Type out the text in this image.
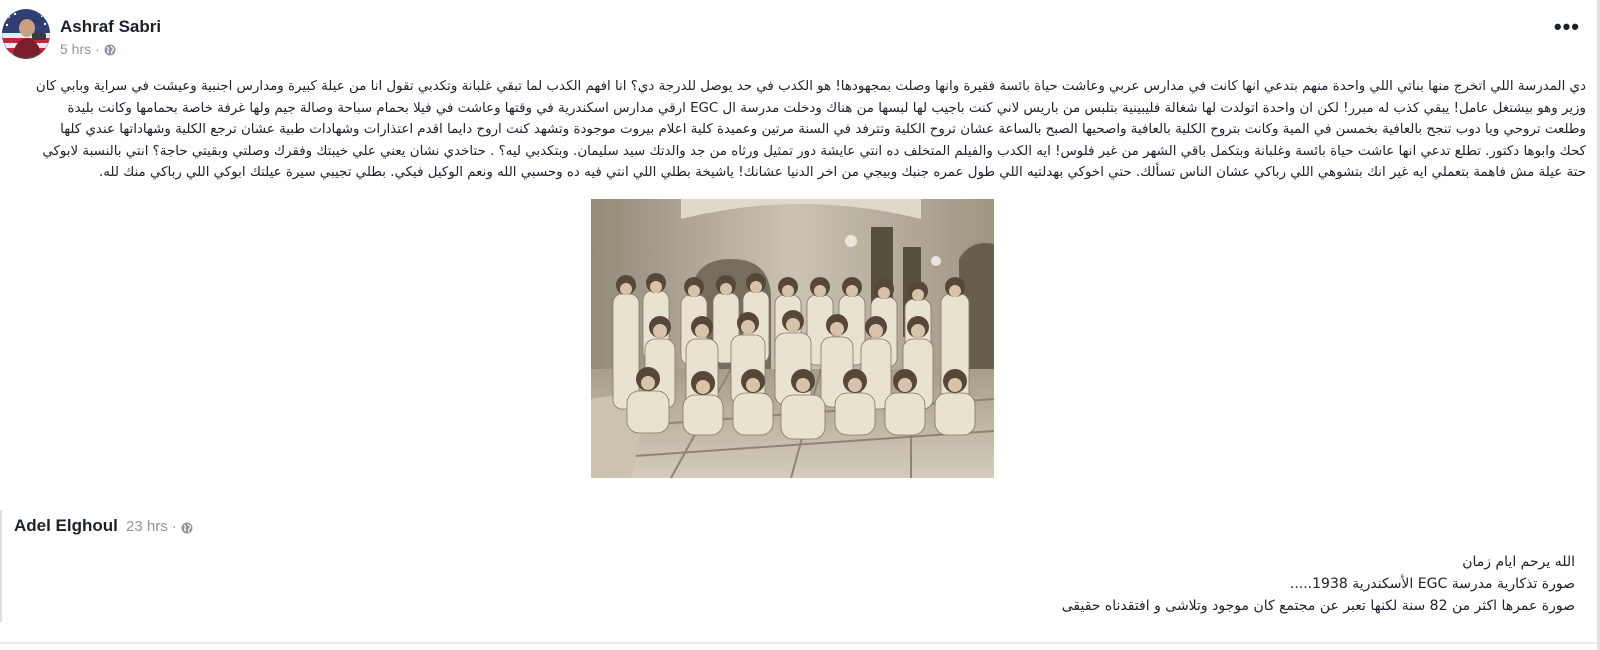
Ashraf Sabri
5 hrs ·
•••

دي المدرسة اللي اتخرج منها بناتي اللي واحدة منهم بتدعي انها كانت في مدارس عربي وعاشت حياة بائسة فقيرة وانها وصلت بمجهودها! هو الكدب في حد يوصل للدرجة دي؟ انا افهم الكدب لما تبقي غلبانة وتكدبي تقول انا من عيلة كبيرة ومدارس اجنبية وعيشت في سراية وبابي كان

وزير وهو بيشتغل عامل! يبقي كذب له مبرر! لكن ان واحدة اتولدت لها شغالة فليبينية بتلبس من باريس لاني كنت باجيب لها لبسها من هناك ودخلت مدرسة ال EGC ارقي مدارس اسكندرية في وقتها وعاشت في فيلا بحمام سباحة وصالة جيم ولها غرفة خاصة بحمامها وكانت بليدة

وطلعت تروحي ويا دوب تنجح بالعافية بخمسن في المية وكانت بتروح الكلية بالعافية واصحيها الصبح بالساعة عشان تروح الكلية وتترفد في السنة مرتين وعميدة كلية اعلام بيروت موجودة وتشهد كنت اروح دايما اقدم اعتذارات وشهادات طبية عشان ترجع الكلية وشهاداتها عندي كلها

كحك وابوها دكتور. تطلع تدعي انها عاشت حياة بائسة وغلبانة وبتكمل باقي الشهر من غير فلوس! ايه الكدب والفيلم المتخلف ده انتي عايشة دور تمثيل ورثاه من جد والدتك سيد سليمان. وبتكدبي ليه؟ . حتاخدي نشان يعني علي خيبتك وفقرك وصلتي وبقيتي حاجة؟ انتي بالنسبة لابوكي

حتة عيلة مش فاهمة بتعملي ايه غير انك بتشوهي اللي رباكي عشان الناس تسألك. حتي اخوكي بهدلتيه اللي طول عمره جنبك وبيجي من اخر الدنيا عشانك! ياشيخة بطلي اللي انتي فيه ده وحسبي الله ونعم الوكيل فيكي. بطلي تجيبي سيرة عيلتك ابوكي اللي رباكي منك لله.

Adel Elghoul 23 hrs ·

الله يرحم ايام زمان

صورة تذكارية مدرسة EGC الأسكندرية 1938.....

صورة عمرها اكثر من 82 سنة لكنها تعبر عن مجتمع كان موجود وتلاشى و افتقدناه حقيقى
